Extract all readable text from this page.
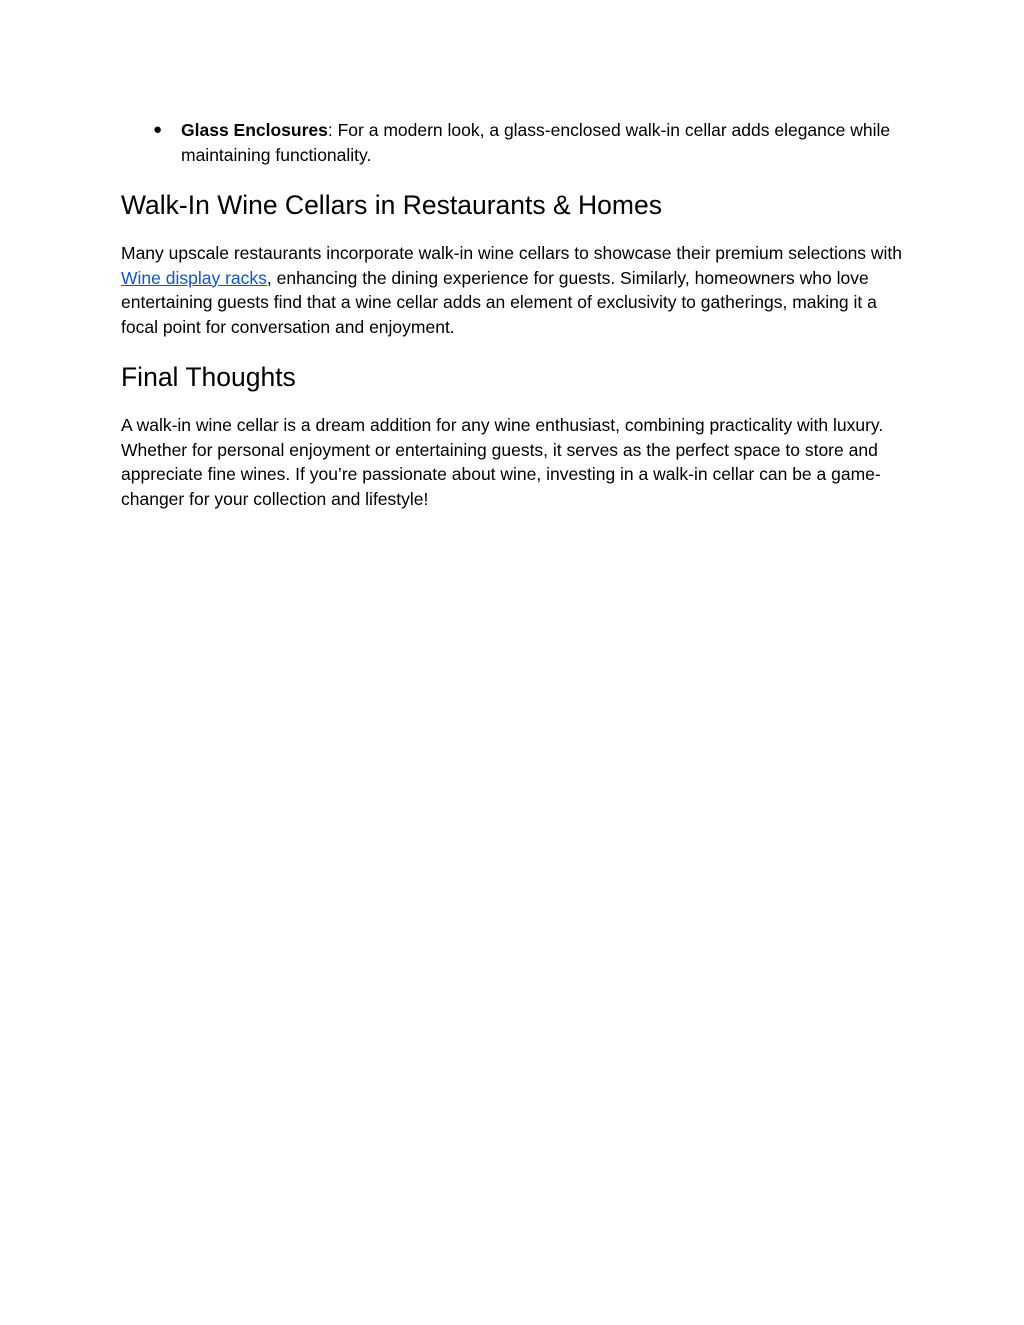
● Glass Enclosures: For a modern look, a glass-enclosed walk-in cellar adds elegance while maintaining functionality.
Walk-In Wine Cellars in Restaurants & Homes

Many upscale restaurants incorporate walk-in wine cellars to showcase their premium selections with Wine display racks, enhancing the dining experience for guests. Similarly, homeowners who love entertaining guests find that a wine cellar adds an element of exclusivity to gatherings, making it a focal point for conversation and enjoyment.

Final Thoughts

A walk-in wine cellar is a dream addition for any wine enthusiast, combining practicality with luxury. Whether for personal enjoyment or entertaining guests, it serves as the perfect space to store and appreciate fine wines. If you’re passionate about wine, investing in a walk-in cellar can be a game-changer for your collection and lifestyle!
